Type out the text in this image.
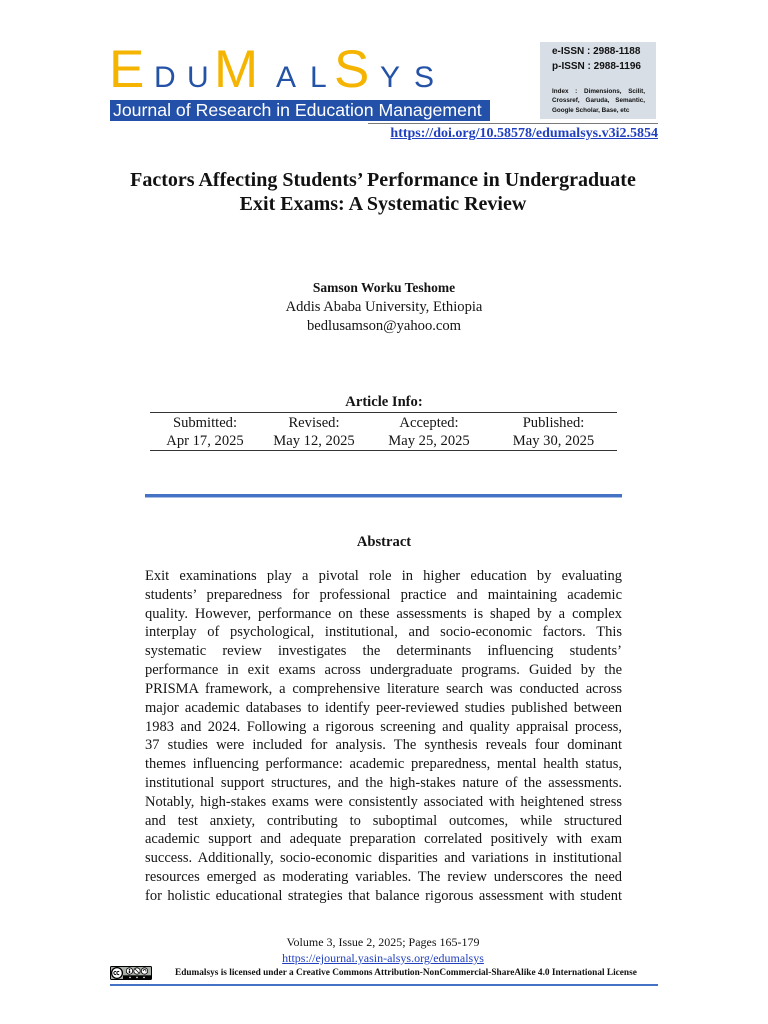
E D U M A L S Y S
Journal of Research in Education Management
e-ISSN : 2988-1188
p-ISSN : 2988-1196
Index : Dimensions, Scilit,
Crossref, Garuda, Semantic,
Google Scholar, Base, etc
https://doi.org/10.58578/edumalsys.v3i2.5854
Factors Affecting Students’ Performance in Undergraduate
Exit Exams: A Systematic Review
Samson Worku Teshome
Addis Ababa University, Ethiopia
bedlusamson@yahoo.com
Article Info:
Submitted:
Apr 17, 2025
Revised:
May 12, 2025
Accepted:
May 25, 2025
Published:
May 30, 2025
Abstract
Exit examinations play a pivotal role in higher education by evaluating
students’ preparedness for professional practice and maintaining academic
quality. However, performance on these assessments is shaped by a complex
interplay of psychological, institutional, and socio-economic factors. This
systematic review investigates the determinants influencing students’
performance in exit exams across undergraduate programs. Guided by the
PRISMA framework, a comprehensive literature search was conducted across
major academic databases to identify peer-reviewed studies published between
1983 and 2024. Following a rigorous screening and quality appraisal process,
37 studies were included for analysis. The synthesis reveals four dominant
themes influencing performance: academic preparedness, mental health status,
institutional support structures, and the high-stakes nature of the assessments.
Notably, high-stakes exams were consistently associated with heightened stress
and test anxiety, contributing to suboptimal outcomes, while structured
academic support and adequate preparation correlated positively with exam
success. Additionally, socio-economic disparities and variations in institutional
resources emerged as moderating variables. The review underscores the need
for holistic educational strategies that balance rigorous assessment with student
Volume 3, Issue 2, 2025; Pages 165-179
https://ejournal.yasin-alsys.org/edumalsys
Edumalsys is licensed under a Creative Commons Attribution-NonCommercial-ShareAlike 4.0 International License
